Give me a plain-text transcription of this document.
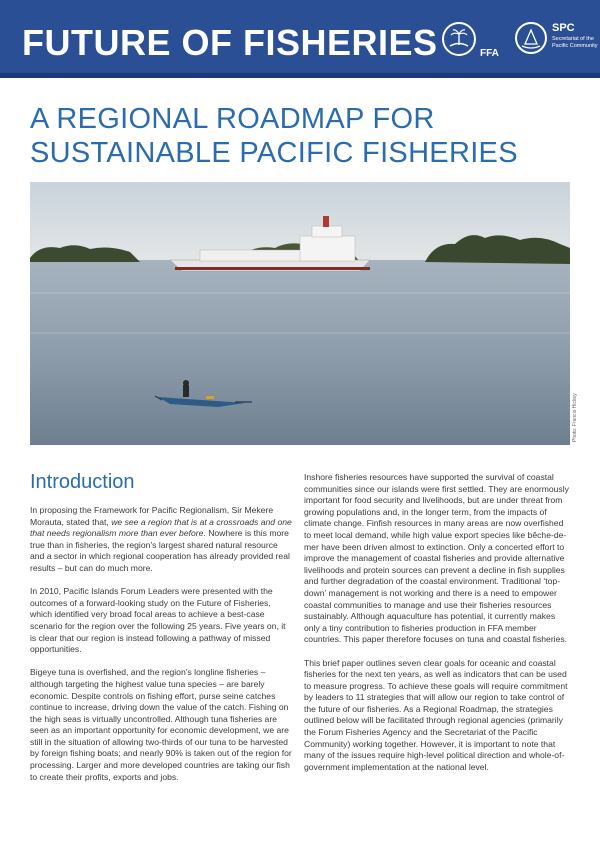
FUTURE OF FISHERIES	FFA
SPC
Secretariat of the Pacific Community
A REGIONAL ROADMAP FOR SUSTAINABLE PACIFIC FISHERIES
Photo: Francis Hickey
Introduction

In proposing the Framework for Pacific Regionalism, Sir Mekere Morauta, stated that, we see a region that is at a crossroads and one that needs regionalism more than ever before. Nowhere is this more true than in fisheries, the region’s largest shared natural resource and a sector in which regional cooperation has already provided real results – but can do much more.

In 2010, Pacific Islands Forum Leaders were presented with the outcomes of a forward-looking study on the Future of Fisheries, which identified very broad focal areas to achieve a best-case scenario for the region over the following 25 years. Five years on, it is clear that our region is instead following a pathway of missed opportunities.

Bigeye tuna is overfished, and the region’s longline fisheries – although targeting the highest value tuna species – are barely economic. Despite controls on fishing effort, purse seine catches continue to increase, driving down the value of the catch. Fishing on the high seas is virtually uncontrolled. Although tuna fisheries are seen as an important opportunity for economic development, we are still in the situation of allowing two-thirds of our tuna to be harvested by foreign fishing boats; and nearly 90% is taken out of the region for processing. Larger and more developed countries are taking our fish to create their profits, exports and jobs.

Inshore fisheries resources have supported the survival of coastal communities since our islands were first settled. They are enormously important for food security and livelihoods, but are under threat from growing populations and, in the longer term, from the impacts of climate change. Finfish resources in many areas are now overfished to meet local demand, while high value export species like bêche-de-mer have been driven almost to extinction. Only a concerted effort to improve the management of coastal fisheries and provide alternative livelihoods and protein sources can prevent a decline in fish supplies and further degradation of the coastal environment. Traditional ‘top-down’ management is not working and there is a need to empower coastal communities to manage and use their fisheries resources sustainably. Although aquaculture has potential, it currently makes only a tiny contribution to fisheries production in FFA member countries. This paper therefore focuses on tuna and coastal fisheries.

This brief paper outlines seven clear goals for oceanic and coastal fisheries for the next ten years, as well as indicators that can be used to measure progress. To achieve these goals will require commitment by leaders to 11 strategies that will allow our region to take control of the future of our fisheries. As a Regional Roadmap, the strategies outlined below will be facilitated through regional agencies (primarily the Forum Fisheries Agency and the Secretariat of the Pacific Community) working together. However, it is important to note that many of the issues require high-level political direction and whole-of-government implementation at the national level.
